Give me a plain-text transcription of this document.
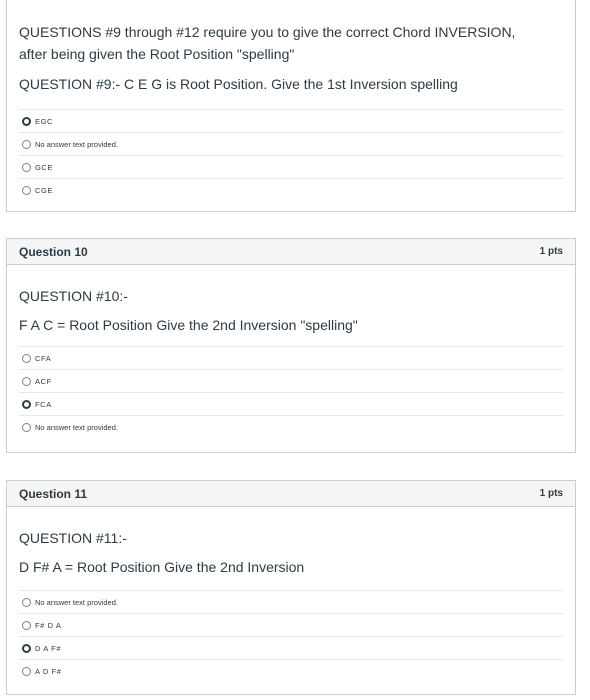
QUESTIONS #9 through #12 require you to give the correct Chord INVERSION, after being given the Root Position "spelling"
QUESTION #9:- C E G is Root Position. Give the 1st Inversion spelling
EGC
No answer text provided.
GCE
CGE
Question 10	1 pts
QUESTION #10:-
F A C = Root Position Give the 2nd Inversion "spelling"
CFA
ACF
FCA
No answer text provided.
Question 11	1 pts
QUESTION #11:-
D F# A = Root Position Give the 2nd Inversion
No answer text provided.
F# D A
D A F#
A D F#
